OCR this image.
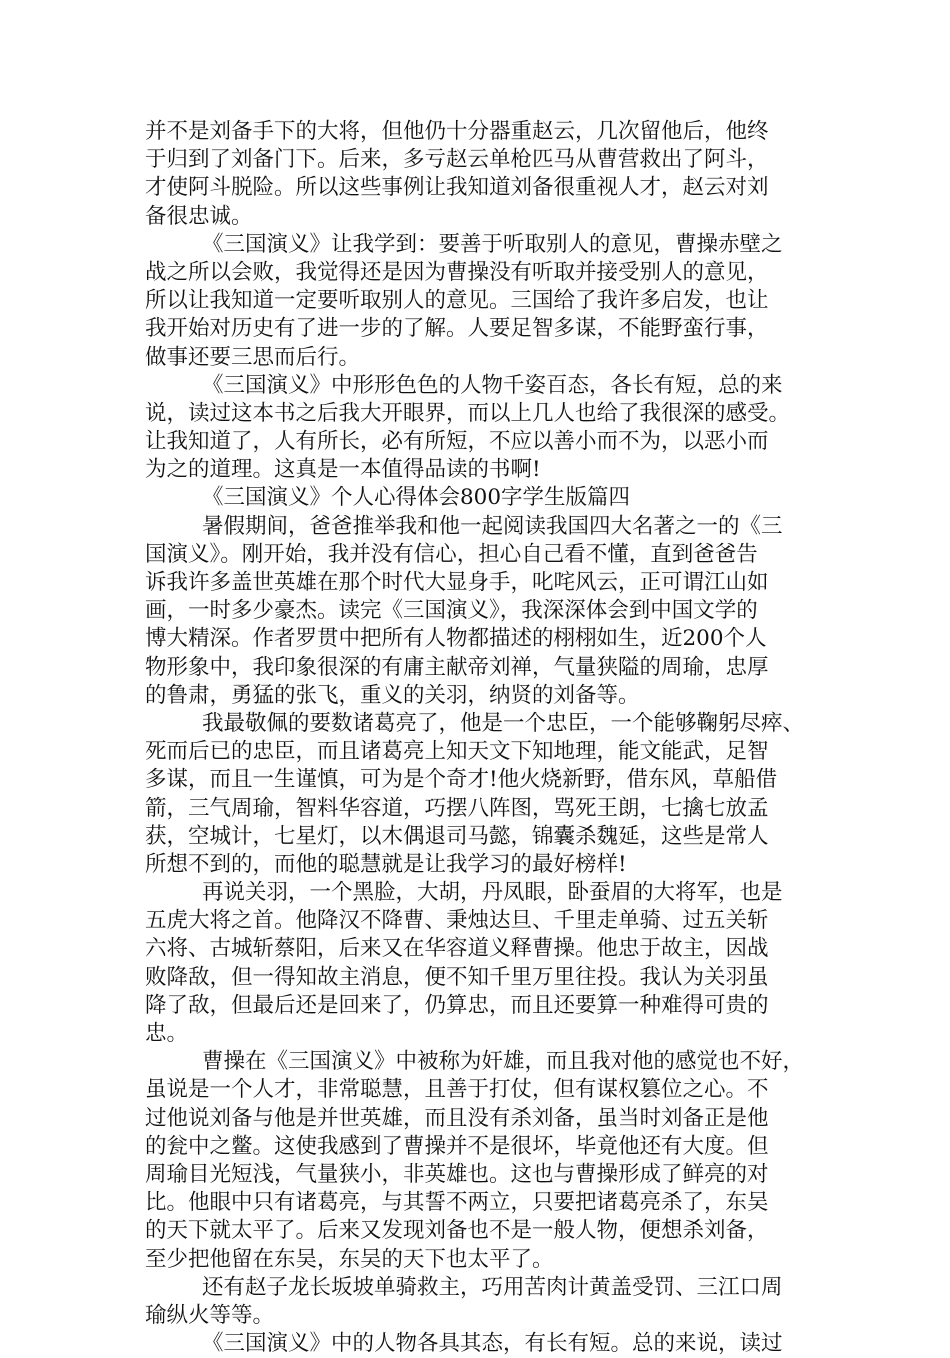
并不是刘备手下的大将，但他仍十分器重赵云，几次留他后，他终
于归到了刘备门下。后来，多亏赵云单枪匹马从曹营救出了阿斗，
才使阿斗脱险。所以这些事例让我知道刘备很重视人才，赵云对刘
备很忠诚。
《三国演义》让我学到：要善于听取别人的意见，曹操赤壁之
战之所以会败，我觉得还是因为曹操没有听取并接受别人的意见，
所以让我知道一定要听取别人的意见。三国给了我许多启发，也让
我开始对历史有了进一步的了解。人要足智多谋，不能野蛮行事，
做事还要三思而后行。
《三国演义》中形形色色的人物千姿百态，各长有短，总的来
说，读过这本书之后我大开眼界，而以上几人也给了我很深的感受。
让我知道了，人有所长，必有所短，不应以善小而不为，以恶小而
为之的道理。这真是一本值得品读的书啊!
《三国演义》个人心得体会800字学生版篇四
暑假期间，爸爸推举我和他一起阅读我国四大名著之一的《三
国演义》。刚开始，我并没有信心，担心自己看不懂，直到爸爸告
诉我许多盖世英雄在那个时代大显身手，叱咤风云，正可谓江山如
画，一时多少豪杰。读完《三国演义》，我深深体会到中国文学的
博大精深。作者罗贯中把所有人物都描述的栩栩如生，近200个人
物形象中，我印象很深的有庸主献帝刘禅，气量狭隘的周瑜，忠厚
的鲁肃，勇猛的张飞，重义的关羽，纳贤的刘备等。
我最敬佩的要数诸葛亮了，他是一个忠臣，一个能够鞠躬尽瘁、
死而后已的忠臣，而且诸葛亮上知天文下知地理，能文能武，足智
多谋，而且一生谨慎，可为是个奇才!他火烧新野，借东风，草船借
箭，三气周瑜，智料华容道，巧摆八阵图，骂死王朗，七擒七放孟
获，空城计，七星灯，以木偶退司马懿，锦囊杀魏延，这些是常人
所想不到的，而他的聪慧就是让我学习的最好榜样!
再说关羽，一个黑脸，大胡，丹凤眼，卧蚕眉的大将军，也是
五虎大将之首。他降汉不降曹、秉烛达旦、千里走单骑、过五关斩
六将、古城斩蔡阳，后来又在华容道义释曹操。他忠于故主，因战
败降敌，但一得知故主消息，便不知千里万里往投。我认为关羽虽
降了敌，但最后还是回来了，仍算忠，而且还要算一种难得可贵的
忠。
曹操在《三国演义》中被称为奸雄，而且我对他的感觉也不好，
虽说是一个人才，非常聪慧，且善于打仗，但有谋权篡位之心。不
过他说刘备与他是并世英雄，而且没有杀刘备，虽当时刘备正是他
的瓮中之鳖。这使我感到了曹操并不是很坏，毕竟他还有大度。但
周瑜目光短浅，气量狭小，非英雄也。这也与曹操形成了鲜亮的对
比。他眼中只有诸葛亮，与其誓不两立，只要把诸葛亮杀了，东吴
的天下就太平了。后来又发现刘备也不是一般人物，便想杀刘备，
至少把他留在东吴，东吴的天下也太平了。
还有赵子龙长坂坡单骑救主，巧用苦肉计黄盖受罚、三江口周
瑜纵火等等。
《三国演义》中的人物各具其态，有长有短。总的来说，读过
